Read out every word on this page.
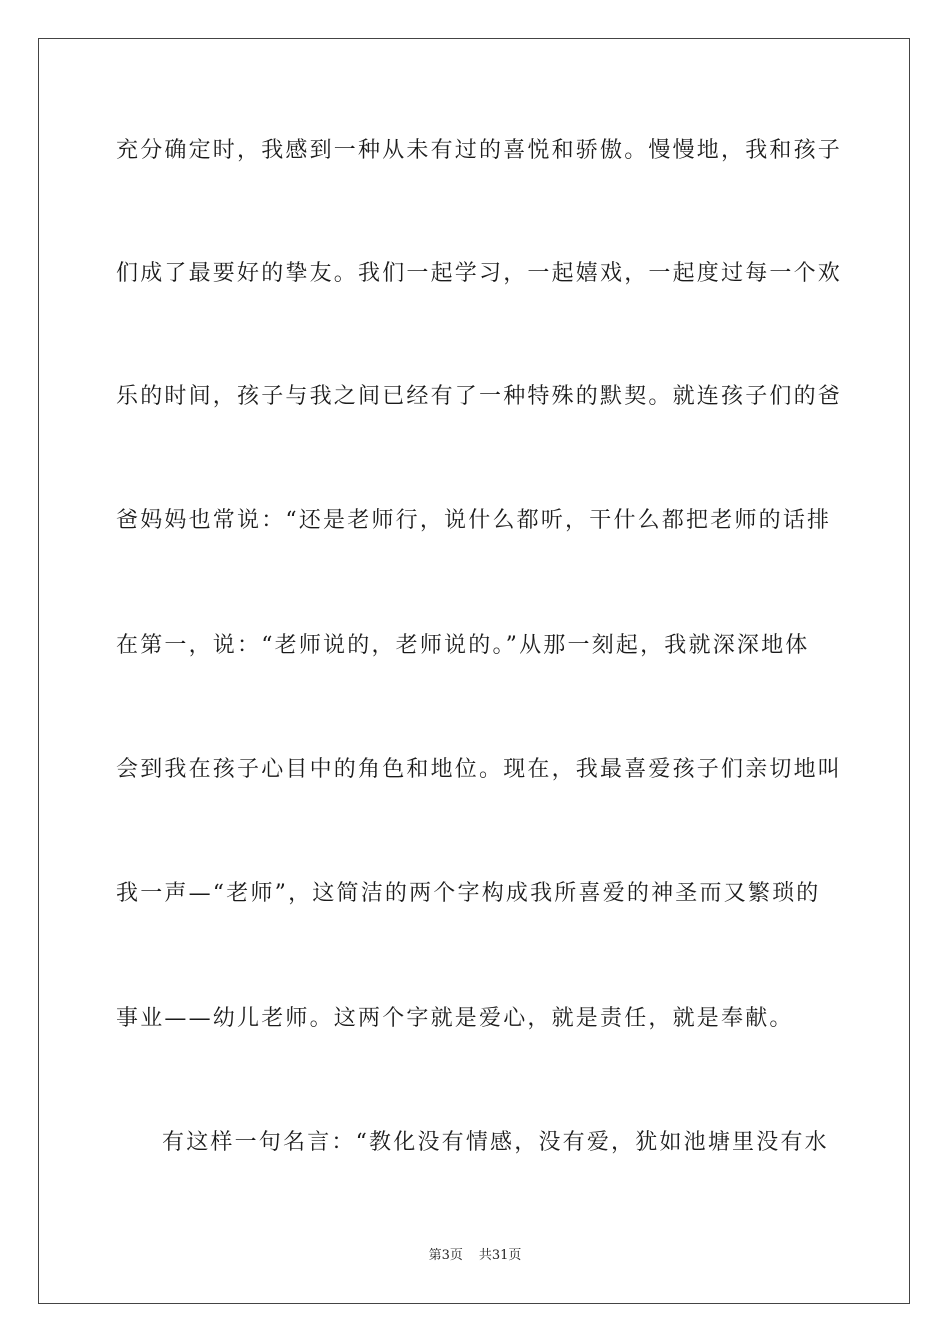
充分确定时，我感到一种从未有过的喜悦和骄傲。慢慢地，我和孩子
们成了最要好的挚友。我们一起学习，一起嬉戏，一起度过每一个欢
乐的时间，孩子与我之间已经有了一种特殊的默契。就连孩子们的爸
爸妈妈也常说：“还是老师行，说什么都听，干什么都把老师的话排
在第一，说：“老师说的，老师说的。”从那一刻起，我就深深地体
会到我在孩子心目中的角色和地位。现在，我最喜爱孩子们亲切地叫
我一声—“老师”，这简洁的两个字构成我所喜爱的神圣而又繁琐的
事业——幼儿老师。这两个字就是爱心，就是责任，就是奉献。
有这样一句名言：“教化没有情感，没有爱，犹如池塘里没有水
第3页 共31页
